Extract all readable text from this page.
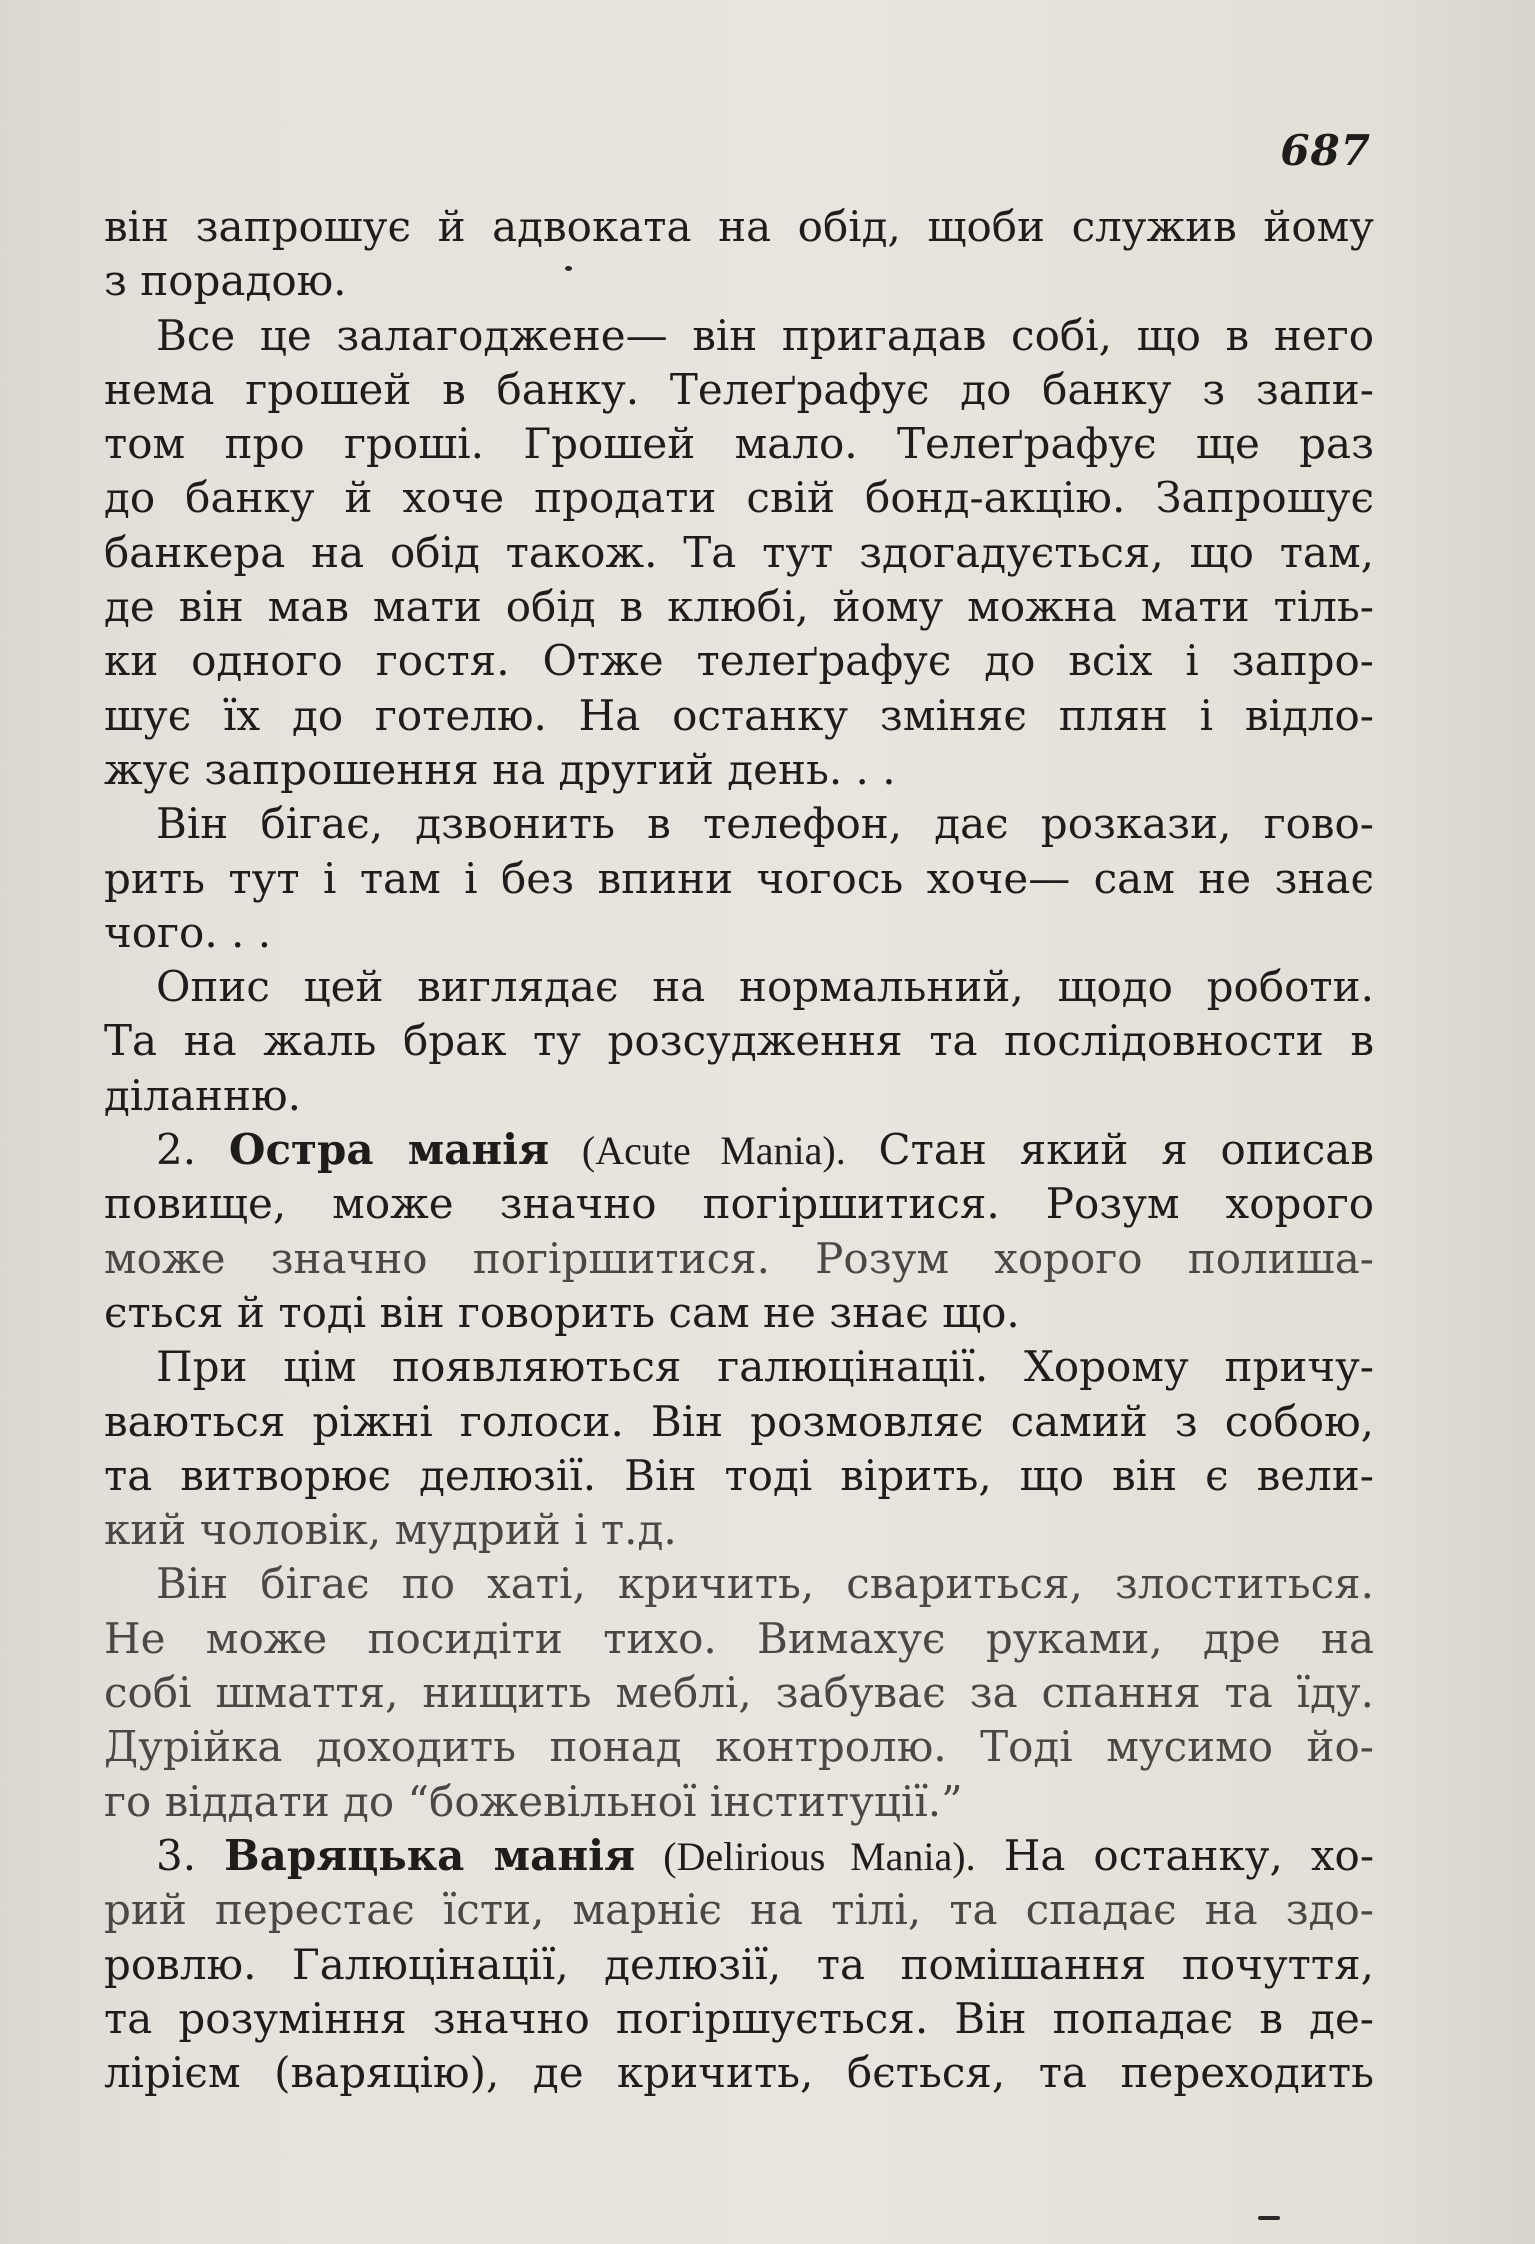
687
він запрошує й адвоката на обід, щоби служив йому
з порадою.
Все це залагоджене— він пригадав собі, що в него
нема грошей в банку. Телеґрафує до банку з запи-
том про гроші. Грошей мало. Телеґрафує ще раз
до банку й хоче продати свій бонд-акцію. Запрошує
банкера на обід також. Та тут здогадується, що там,
де він мав мати обід в клюбі, йому можна мати тіль-
ки одного гостя. Отже телеґрафує до всіх і запро-
шує їх до готелю. На останку зміняє плян і відло-
жує запрошення на другий день. . .
Він бігає, дзвонить в телефон, дає розкази, гово-
рить тут і там і без впини чогось хоче— сам не знає
чого. . .
Опис цей виглядає на нормальний, щодо роботи.
Та на жаль брак ту розсудження та послідовности в
діланню.
2. Остра манія (Acute Mania). Стан який я описав
повище, може значно погіршитися. Розум хорого
може значно погіршитися. Розум хорого полиша-
ється й тоді він говорить сам не знає що.
При цім появляються галюцінації. Хорому причу-
ваються ріжні голоси. Він розмовляє самий з собою,
та витворює делюзії. Він тоді вірить, що він є вели-
кий чоловік, мудрий і т.д.
Він бігає по хаті, кричить, свариться, злоститься.
Не може посидіти тихо. Вимахує руками, дре на
собі шмаття, нищить меблі, забуває за спання та їду.
Дурійка доходить понад контролю. Тоді мусимо йо-
го віддати до “божевільної інституції.”
3. Варяцька манія (Delirious Mania). На останку, хо-
рий перестає їсти, марніє на тілі, та спадає на здо-
ровлю. Галюцінації, делюзії, та помішання почуття,
та розуміння значно погіршується. Він попадає в де-
лірієм (варяцію), де кричить, бється, та переходить
